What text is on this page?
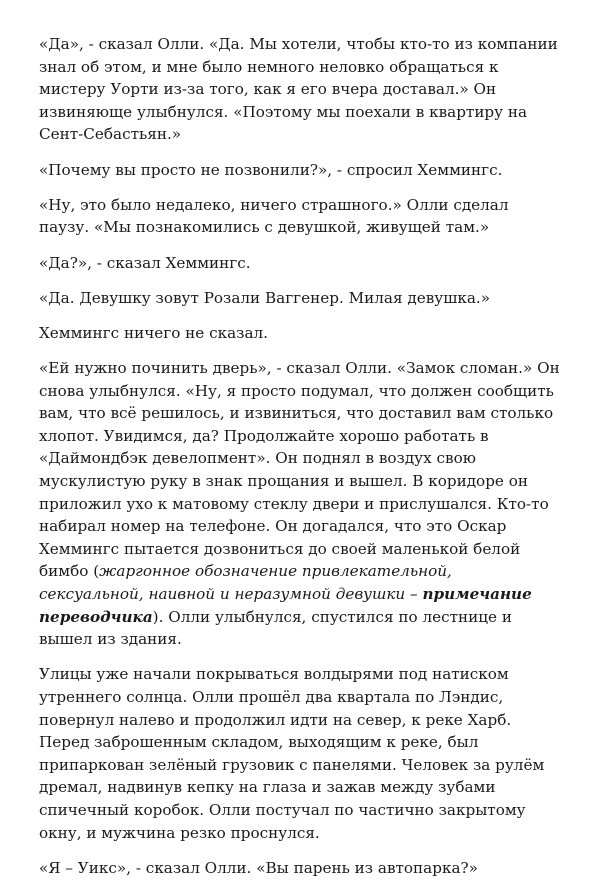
«Да», - сказал Олли. «Да. Мы хотели, чтобы кто-то из компании знал об этом, и мне было немного неловко обращаться к мистеру Уорти из-за того, как я его вчера доставал.» Он извиняюще улыбнулся. «Поэтому мы поехали в квартиру на Сент-Себастьян.»

«Почему вы просто не позвонили?», - спросил Хеммингс.

«Ну, это было недалеко, ничего страшного.» Олли сделал паузу. «Мы познакомились с девушкой, живущей там.»

«Да?», - сказал Хеммингс.

«Да. Девушку зовут Розали Ваггенер. Милая девушка.»

Хеммингс ничего не сказал.

«Ей нужно починить дверь», - сказал Олли. «Замок сломан.» Он снова улыбнулся. «Ну, я просто подумал, что должен сообщить вам, что всё решилось, и извиниться, что доставил вам столько хлопот. Увидимся, да? Продолжайте хорошо работать в «Даймондбэк девелопмент». Он поднял в воздух свою мускулистую руку в знак прощания и вышел. В коридоре он приложил ухо к матовому стеклу двери и прислушался. Кто-то набирал номер на телефоне. Он догадался, что это Оскар Хеммингс пытается дозвониться до своей маленькой белой бимбо (жаргонное обозначение привлекательной, сексуальной, наивной и неразумной девушки – примечание переводчика). Олли улыбнулся, спустился по лестнице и вышел из здания.

Улицы уже начали покрываться волдырями под натиском утреннего солнца. Олли прошёл два квартала по Лэндис, повернул налево и продолжил идти на север, к реке Харб. Перед заброшенным складом, выходящим к реке, был припаркован зелёный грузовик с панелями. Человек за рулём дремал, надвинув кепку на глаза и зажав между зубами спичечный коробок. Олли постучал по частично закрытому окну, и мужчина резко проснулся.

«Я – Уикс», - сказал Олли. «Вы парень из автопарка?»
